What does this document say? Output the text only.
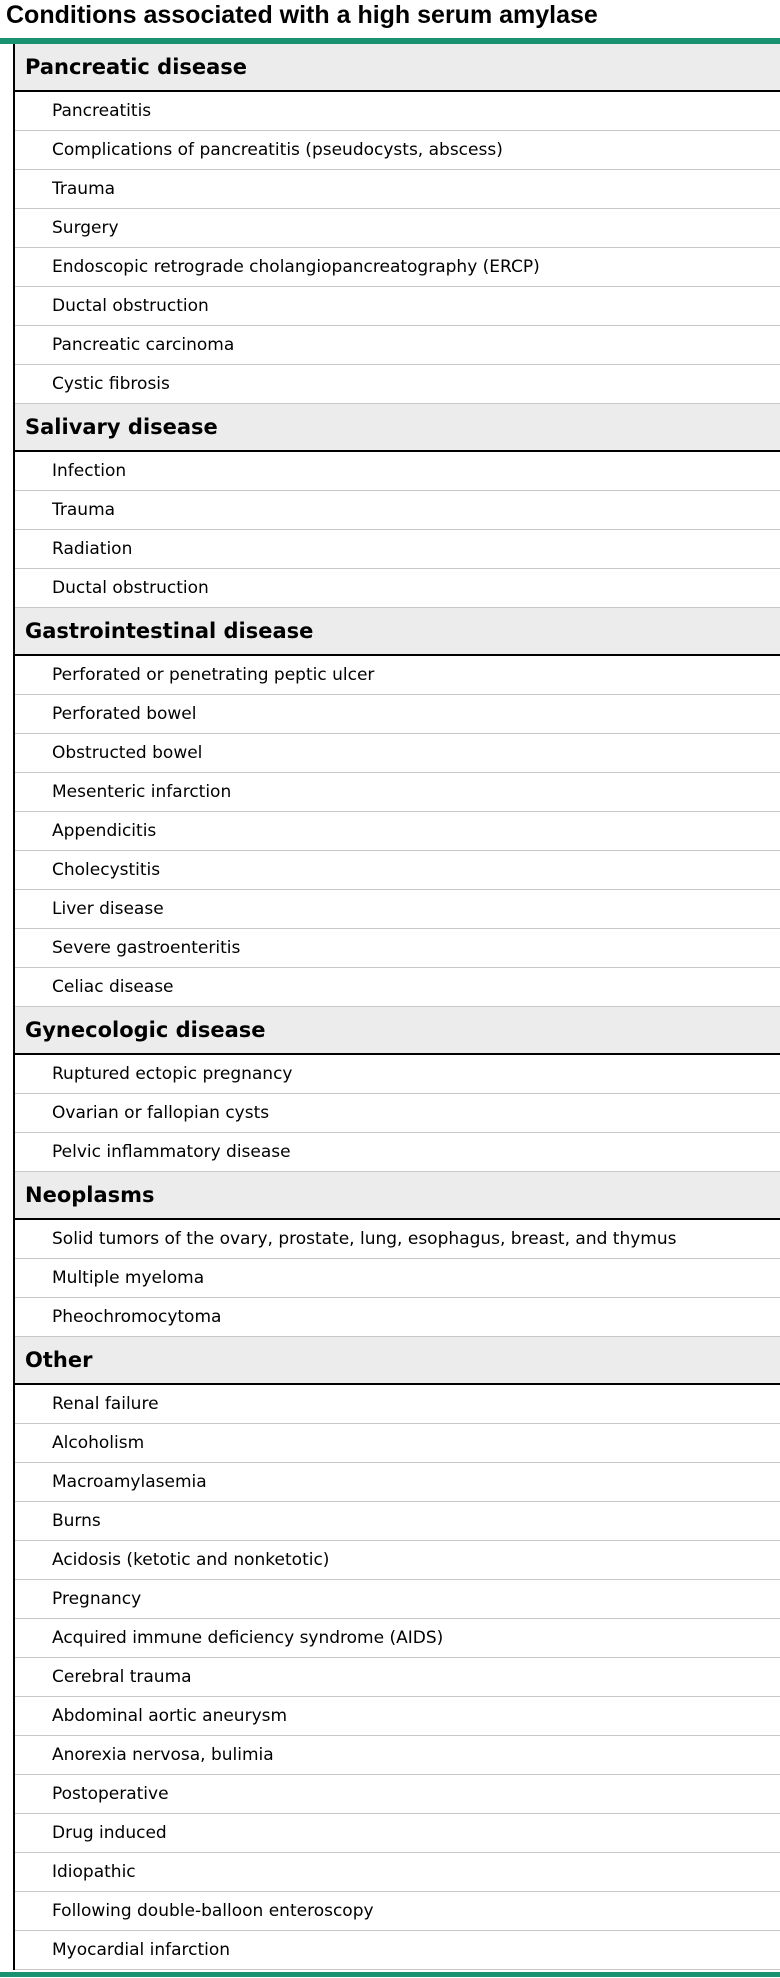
Conditions associated with a high serum amylase
Pancreatic disease
Pancreatitis
Complications of pancreatitis (pseudocysts, abscess)
Trauma
Surgery
Endoscopic retrograde cholangiopancreatography (ERCP)
Ductal obstruction
Pancreatic carcinoma
Cystic fibrosis
Salivary disease
Infection
Trauma
Radiation
Ductal obstruction
Gastrointestinal disease
Perforated or penetrating peptic ulcer
Perforated bowel
Obstructed bowel
Mesenteric infarction
Appendicitis
Cholecystitis
Liver disease
Severe gastroenteritis
Celiac disease
Gynecologic disease
Ruptured ectopic pregnancy
Ovarian or fallopian cysts
Pelvic inflammatory disease
Neoplasms
Solid tumors of the ovary, prostate, lung, esophagus, breast, and thymus
Multiple myeloma
Pheochromocytoma
Other
Renal failure
Alcoholism
Macroamylasemia
Burns
Acidosis (ketotic and nonketotic)
Pregnancy
Acquired immune deficiency syndrome (AIDS)
Cerebral trauma
Abdominal aortic aneurysm
Anorexia nervosa, bulimia
Postoperative
Drug induced
Idiopathic
Following double-balloon enteroscopy
Myocardial infarction
